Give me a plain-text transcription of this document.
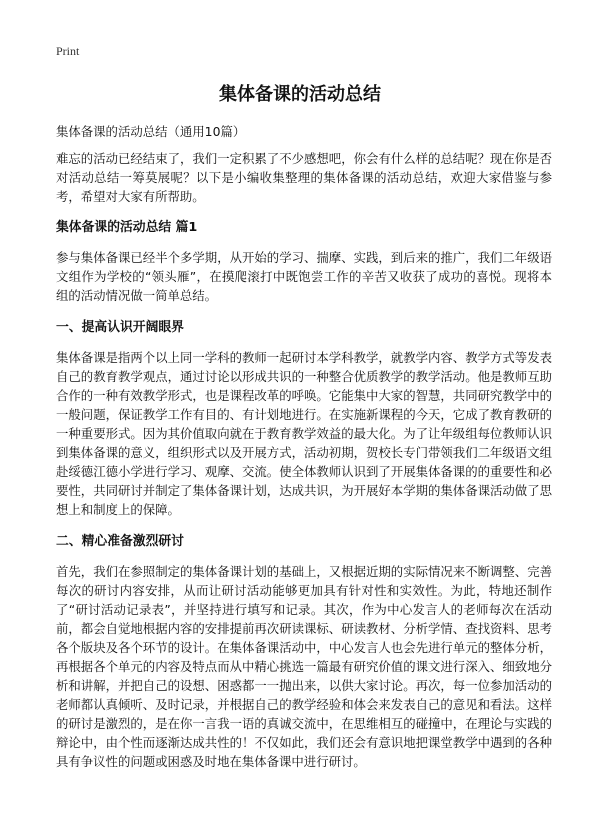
Print
集体备课的活动总结

集体备课的活动总结（通用10篇）

难忘的活动已经结束了，我们一定积累了不少感想吧，你会有什么样的总结呢？现在你是否对活动总结一筹莫展呢？以下是小编收集整理的集体备课的活动总结，欢迎大家借鉴与参考，希望对大家有所帮助。

集体备课的活动总结 篇1

参与集体备课已经半个多学期，从开始的学习、揣摩、实践，到后来的推广，我们二年级语文组作为学校的“领头雁”，在摸爬滚打中既饱尝工作的辛苦又收获了成功的喜悦。现将本组的活动情况做一简单总结。

一、提高认识开阔眼界

集体备课是指两个以上同一学科的教师一起研讨本学科教学，就教学内容、教学方式等发表自己的教育教学观点，通过讨论以形成共识的一种整合优质教学的教学活动。他是教师互助合作的一种有效教学形式，也是课程改革的呼唤。它能集中大家的智慧，共同研究教学中的一般问题，保证教学工作有目的、有计划地进行。在实施新课程的今天，它成了教育教研的一种重要形式。因为其价值取向就在于教育教学效益的最大化。为了让年级组每位教师认识到集体备课的意义，组织形式以及开展方式，活动初期，贺校长专门带领我们二年级语文组赴绥德江德小学进行学习、观摩、交流。使全体教师认识到了开展集体备课的的重要性和必要性，共同研讨并制定了集体备课计划，达成共识，为开展好本学期的集体备课活动做了思想上和制度上的保障。

二、精心准备激烈研讨

首先，我们在参照制定的集体备课计划的基础上，又根据近期的实际情况来不断调整、完善每次的研讨内容安排，从而让研讨活动能够更加具有针对性和实效性。为此，特地还制作了“研讨活动记录表”，并坚持进行填写和记录。其次，作为中心发言人的老师每次在活动前，都会自觉地根据内容的安排提前再次研读课标、研读教材、分析学情、查找资料、思考各个版块及各个环节的设计。在集体备课活动中，中心发言人也会先进行单元的整体分析，再根据各个单元的内容及特点而从中精心挑选一篇最有研究价值的课文进行深入、细致地分析和讲解，并把自己的设想、困惑都一一抛出来，以供大家讨论。再次，每一位参加活动的老师都认真倾听、及时记录，并根据自己的教学经验和体会来发表自己的意见和看法。这样的研讨是激烈的，是在你一言我一语的真诚交流中，在思维相互的碰撞中，在理论与实践的辩论中，由个性而逐渐达成共性的！不仅如此，我们还会有意识地把课堂教学中遇到的各种具有争议性的问题或困惑及时地在集体备课中进行研讨。
